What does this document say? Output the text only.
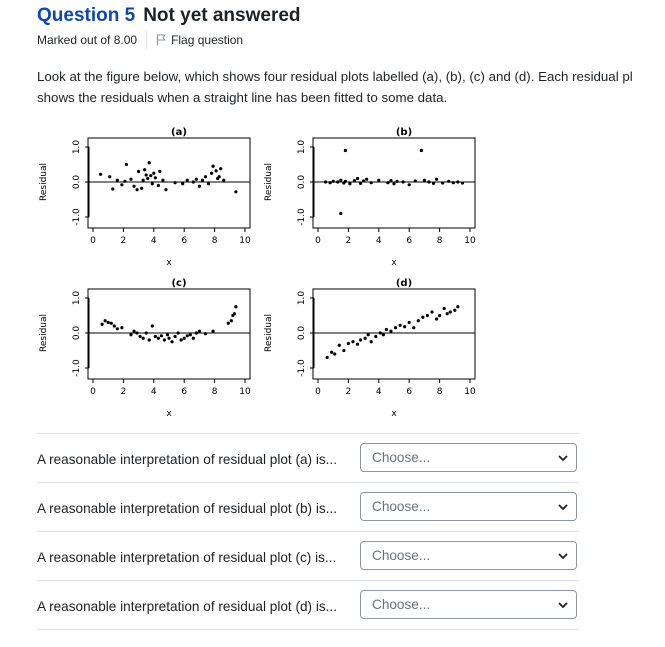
Question 5 Not yet answered
Marked out of 8.00	Flag question
Look at the figure below, which shows four residual plots labelled (a), (b), (c) and (d). Each residual pl
shows the residuals when a straight line has been fitted to some data.
0	2	4	6	8 10
-1.0
0.0
1.0
x
Residual
(a)
0	2	4	6	8 10
-1.0
0.0
1.0
x
Residual
(b)
0	2	4	6	8 10
-1.0
0.0
1.0
x
Residual
(c)
0	2	4	6	8 10
-1.0
0.0
1.0
x
Residual
(d)
A reasonable interpretation of residual plot (a) is...	Choose...
A reasonable interpretation of residual plot (b) is...	Choose...
A reasonable interpretation of residual plot (c) is...	Choose...
A reasonable interpretation of residual plot (d) is...	Choose...
